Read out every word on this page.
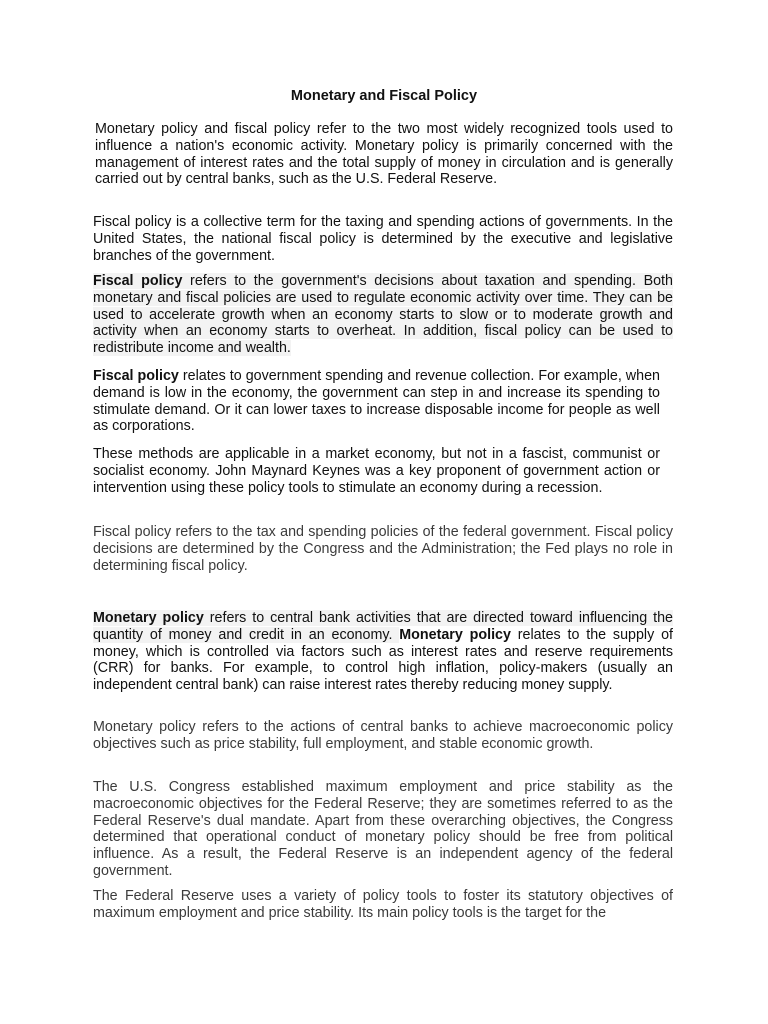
Monetary and Fiscal Policy

Monetary policy and fiscal policy refer to the two most widely recognized tools used to influence a nation's economic activity. Monetary policy is primarily concerned with the management of interest rates and the total supply of money in circulation and is generally carried out by central banks, such as the U.S. Federal Reserve.

Fiscal policy is a collective term for the taxing and spending actions of governments. In the United States, the national fiscal policy is determined by the executive and legislative branches of the government.

Fiscal policy refers to the government's decisions about taxation and spending. Both monetary and fiscal policies are used to regulate economic activity over time. They can be used to accelerate growth when an economy starts to slow or to moderate growth and activity when an economy starts to overheat. In addition, fiscal policy can be used to redistribute income and wealth.

Fiscal policy relates to government spending and revenue collection. For example, when demand is low in the economy, the government can step in and increase its spending to stimulate demand. Or it can lower taxes to increase disposable income for people as well as corporations.

These methods are applicable in a market economy, but not in a fascist, communist or socialist economy. John Maynard Keynes was a key proponent of government action or intervention using these policy tools to stimulate an economy during a recession.

Fiscal policy refers to the tax and spending policies of the federal government. Fiscal policy decisions are determined by the Congress and the Administration; the Fed plays no role in determining fiscal policy.

Monetary policy refers to central bank activities that are directed toward influencing the quantity of money and credit in an economy. Monetary policy relates to the supply of money, which is controlled via factors such as interest rates and reserve requirements (CRR) for banks. For example, to control high inflation, policy-makers (usually an independent central bank) can raise interest rates thereby reducing money supply.

Monetary policy refers to the actions of central banks to achieve macroeconomic policy objectives such as price stability, full employment, and stable economic growth.

The U.S. Congress established maximum employment and price stability as the macroeconomic objectives for the Federal Reserve; they are sometimes referred to as the Federal Reserve's dual mandate. Apart from these overarching objectives, the Congress determined that operational conduct of monetary policy should be free from political influence. As a result, the Federal Reserve is an independent agency of the federal government.

The Federal Reserve uses a variety of policy tools to foster its statutory objectives of maximum employment and price stability. Its main policy tools is the target for the
